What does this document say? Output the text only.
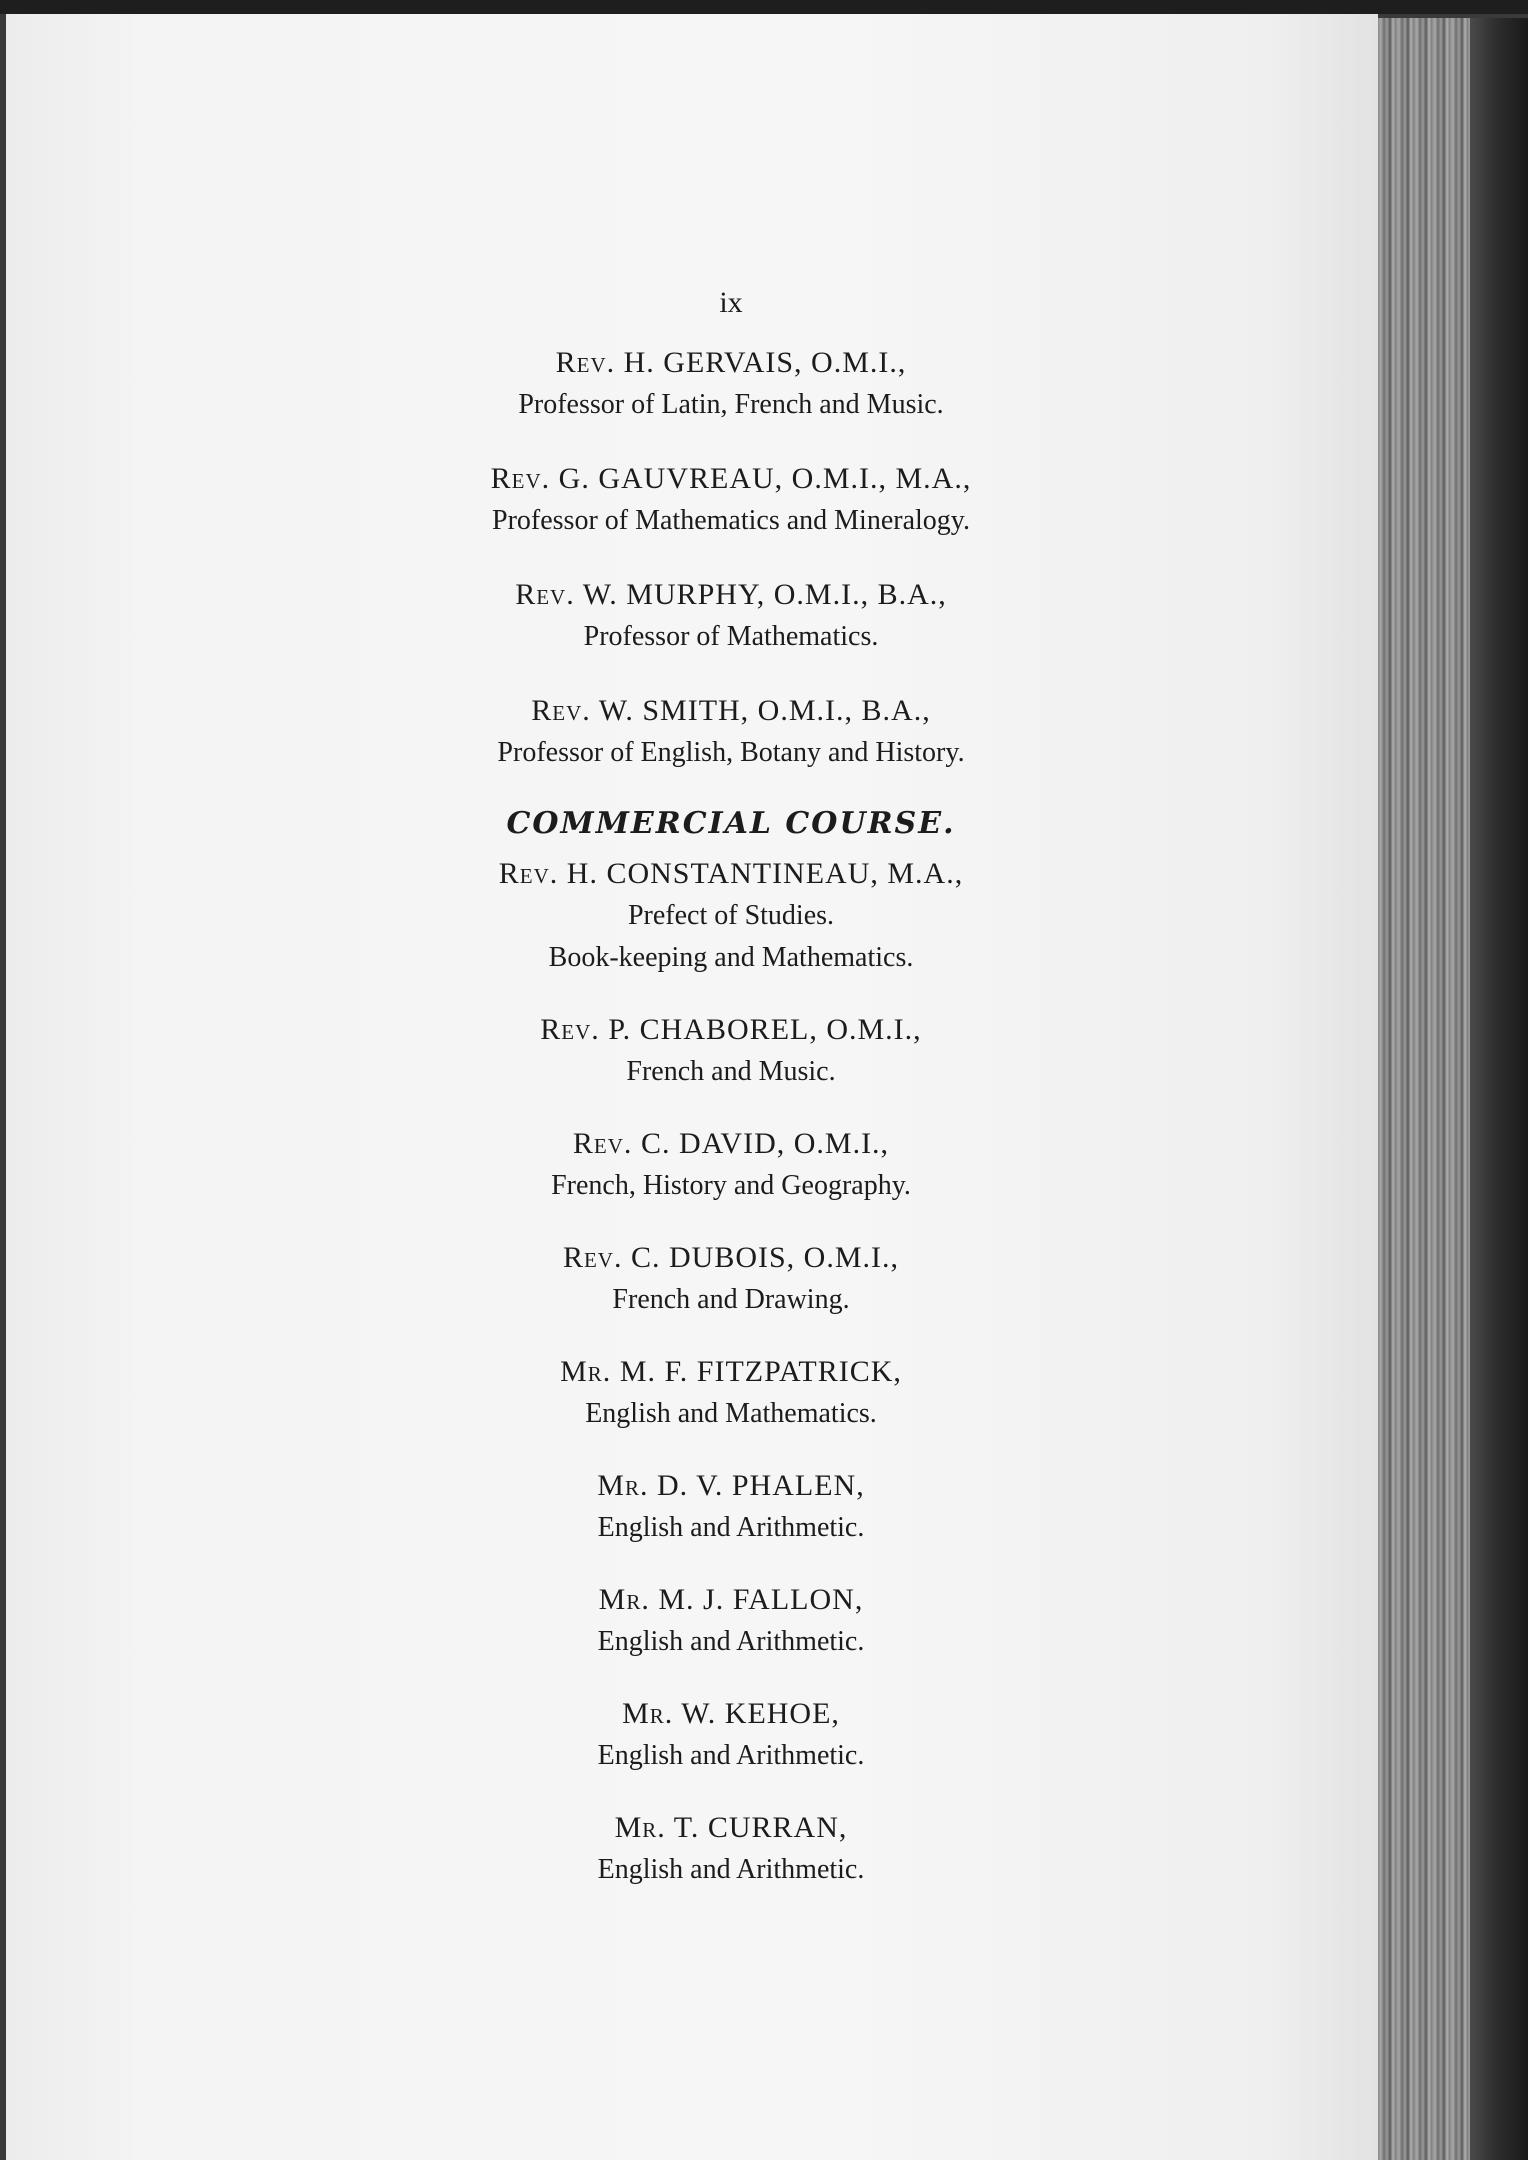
ix
Rev. H. GERVAIS, O.M.I.,
Professor of Latin, French and Music.
Rev. G. GAUVREAU, O.M.I., M.A.,
Professor of Mathematics and Mineralogy.
Rev. W. MURPHY, O.M.I., B.A.,
Professor of Mathematics.
Rev. W. SMITH, O.M.I., B.A.,
Professor of English, Botany and History.
COMMERCIAL COURSE.
Rev. H. CONSTANTINEAU, M.A.,
Prefect of Studies.
Book-keeping and Mathematics.
Rev. P. CHABOREL, O.M.I.,
French and Music.
Rev. C. DAVID, O.M.I.,
French, History and Geography.
Rev. C. DUBOIS, O.M.I.,
French and Drawing.
Mr. M. F. FITZPATRICK,
English and Mathematics.
Mr. D. V. PHALEN,
English and Arithmetic.
Mr. M. J. FALLON,
English and Arithmetic.
Mr. W. KEHOE,
English and Arithmetic.
Mr. T. CURRAN,
English and Arithmetic.
